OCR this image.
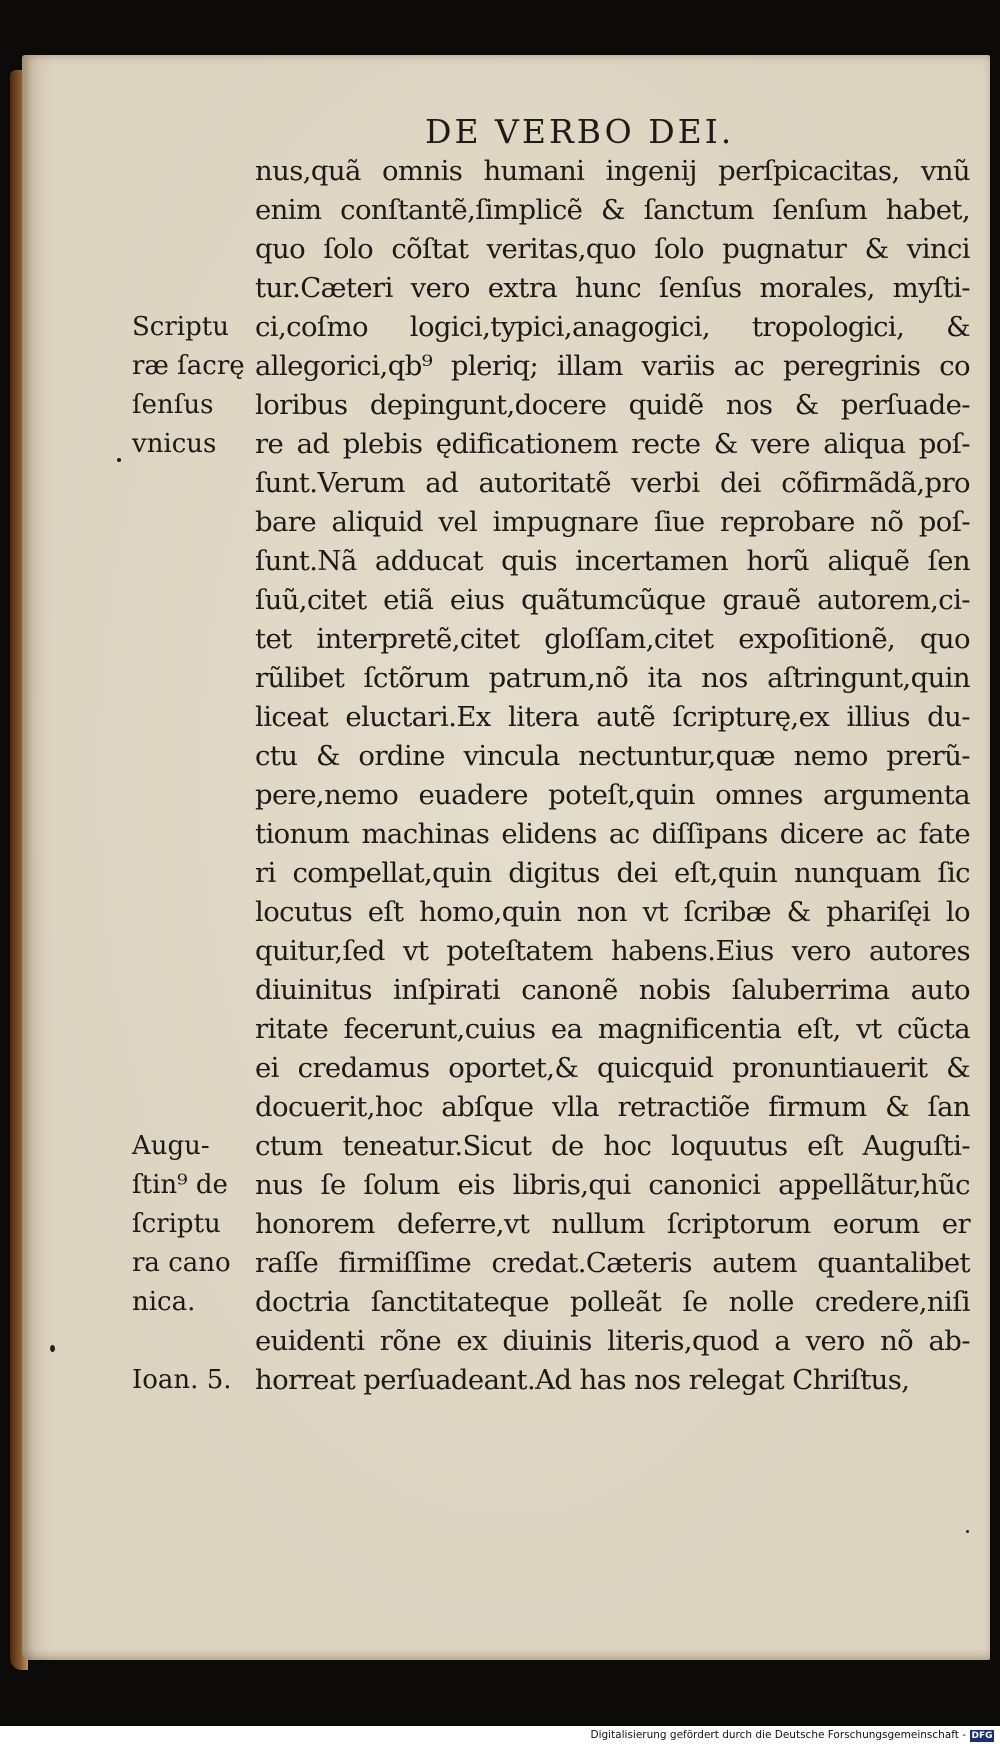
DE VERBO DEI.
nus,quã omnis humani ingenij perſpicacitas, vnũ
enim conſtantẽ,ſimplicẽ & ſanctum ſenſum habet,
quo ſolo cõſtat veritas,quo ſolo pugnatur & vinci
tur.Cæteri vero extra hunc ſenſus morales, myſti-
ci,coſmo logici,typici,anagogici, tropologici, &
allegorici,qb⁹ pleriq; illam variis ac peregrinis co
loribus depingunt,docere quidẽ nos & perſuade-
re ad plebis ędificationem recte & vere aliqua poſ-
ſunt.Verum ad autoritatẽ verbi dei cõfirmãdã,pro
bare aliquid vel impugnare ſiue reprobare nõ poſ-
ſunt.Nã adducat quis incertamen horũ aliquẽ ſen
ſuũ,citet etiã eius quãtumcũque grauẽ autorem,ci-
tet interpretẽ,citet gloſſam,citet expoſitionẽ, quo
rũlibet ſctõrum patrum,nõ ita nos aſtringunt,quin
liceat eluctari.Ex litera autẽ ſcripturę,ex illius du-
ctu & ordine vincula nectuntur,quæ nemo prerũ-
pere,nemo euadere poteſt,quin omnes argumenta
tionum machinas elidens ac diſſipans dicere ac fate
ri compellat,quin digitus dei eſt,quin nunquam ſic
locutus eſt homo,quin non vt ſcribæ & phariſęi lo
quitur,ſed vt poteſtatem habens.Eius vero autores
diuinitus inſpirati canonẽ nobis ſaluberrima auto
ritate fecerunt,cuius ea magnificentia eſt, vt cũcta
ei credamus oportet,& quicquid pronuntiauerit &
docuerit,hoc abſque vlla retractiõe firmum & ſan
ctum teneatur.Sicut de hoc loquutus eſt Auguſti-
nus ſe ſolum eis libris,qui canonici appellãtur,hũc
honorem deferre,vt nullum ſcriptorum eorum er
raſſe firmiſſime credat.Cæteris autem quantalibet
doctria ſanctitateque polleãt ſe nolle credere,niſi
euidenti rõne ex diuinis literis,quod a vero nõ ab-
horreat perſuadeant.Ad has nos relegat Chriſtus,
Scriptu
ræ ſacrę
ſenſus
vnicus
Augu-
ſtin⁹ de
ſcriptu
ra cano
nica.
Ioan. 5.
Digitalisierung gefördert durch die Deutsche Forschungsgemeinschaft - DFG
